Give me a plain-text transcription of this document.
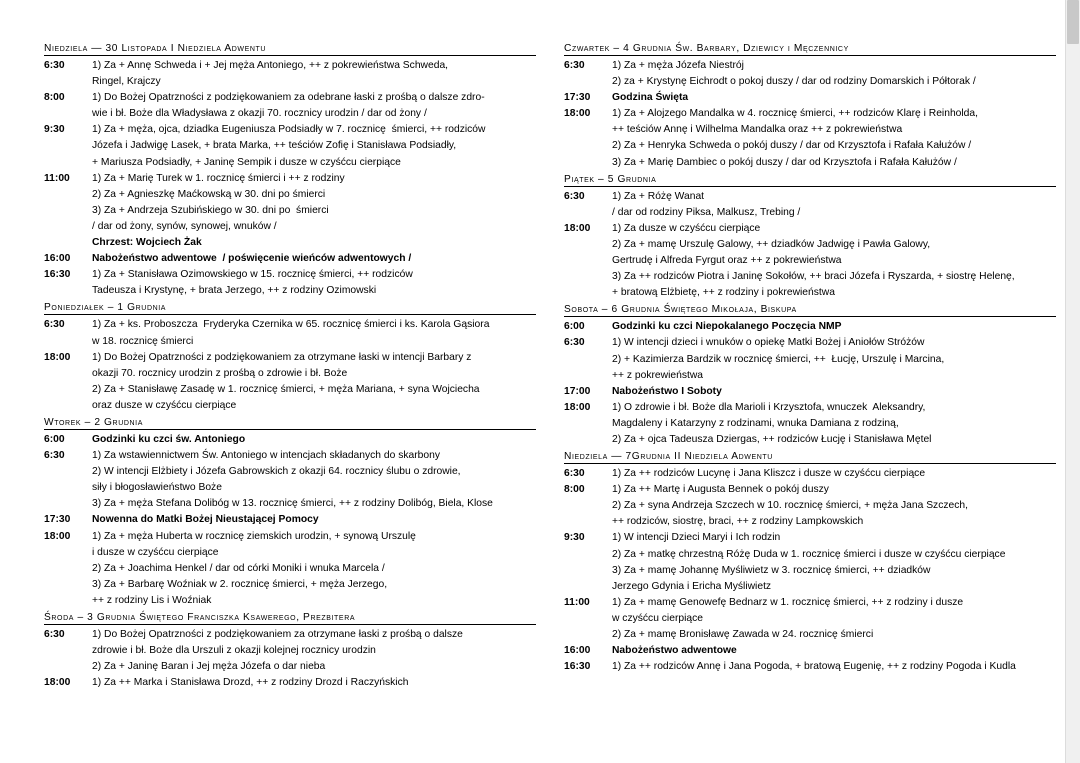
Niedziela — 30 Listopada I Niedziela Adwentu
6:30	1) Za + Annę Schweda i + Jej męża Antoniego, ++ z pokrewieństwa Schweda,
Ringel, Krajczy
8:00	1) Do Bożej Opatrzności z podziękowaniem za odebrane łaski z prośbą o dalsze zdro-
wie i bł. Boże dla Władysława z okazji 70. rocznicy urodzin / dar od żony /
9:30	1) Za + męża, ojca, dziadka Eugeniusza Podsiadły w 7. rocznicę  śmierci, ++ rodziców
Józefa i Jadwigę Lasek, + brata Marka, ++ teściów Zofię i Stanisława Podsiadły,
+ Mariusza Podsiadły, + Janinę Sempik i dusze w czyśćcu cierpiące
11:00	1) Za + Marię Turek w 1. rocznicę śmierci i ++ z rodziny
2) Za + Agnieszkę Maćkowską w 30. dni po śmierci
3) Za + Andrzeja Szubińskiego w 30. dni po  śmierci
/ dar od żony, synów, synowej, wnuków /
Chrzest: Wojciech Żak
16:00	Nabożeństwo adwentowe  / poświęcenie wieńców adwentowych /
16:30	1) Za + Stanisława Ozimowskiego w 15. rocznicę śmierci, ++ rodziców
Tadeusza i Krystynę, + brata Jerzego, ++ z rodziny Ozimowski
Poniedziałek – 1 Grudnia
6:30	1) Za + ks. Proboszcza  Fryderyka Czernika w 65. rocznicę śmierci i ks. Karola Gąsiora
w 18. rocznicę śmierci
18:00	1) Do Bożej Opatrzności z podziękowaniem za otrzymane łaski w intencji Barbary z
okazji 70. rocznicy urodzin z prośbą o zdrowie i bł. Boże
2) Za + Stanisławę Zasadę w 1. rocznicę śmierci, + męża Mariana, + syna Wojciecha
oraz dusze w czyśćcu cierpiące
Wtorek – 2 Grudnia
6:00	Godzinki ku czci św. Antoniego
6:30	1) Za wstawiennictwem Św. Antoniego w intencjach składanych do skarbony
2) W intencji Elżbiety i Józefa Gabrowskich z okazji 64. rocznicy ślubu o zdrowie,
siły i błogosławieństwo Boże
3) Za + męża Stefana Dolibóg w 13. rocznicę śmierci, ++ z rodziny Dolibóg, Biela, Klose
17:30	Nowenna do Matki Bożej Nieustającej Pomocy
18:00	1) Za + męża Huberta w rocznicę ziemskich urodzin, + synową Urszulę
i dusze w czyśćcu cierpiące
2) Za + Joachima Henkel / dar od córki Moniki i wnuka Marcela /
3) Za + Barbarę Woźniak w 2. rocznicę śmierci, + męża Jerzego,
++ z rodziny Lis i Woźniak
Środa – 3 Grudnia Świętego Franciszka Ksawerego, Prezbitera
6:30	1) Do Bożej Opatrzności z podziękowaniem za otrzymane łaski z prośbą o dalsze
zdrowie i bł. Boże dla Urszuli z okazji kolejnej rocznicy urodzin
2) Za + Janinę Baran i Jej męża Józefa o dar nieba
18:00	1) Za ++ Marka i Stanisława Drozd, ++ z rodziny Drozd i Raczyńskich
Czwartek – 4 Grudnia Św. Barbary, Dziewicy i Męczennicy
6:30	1) Za + męża Józefa Niestrój
2) za + Krystynę Eichrodt o pokoj duszy / dar od rodziny Domarskich i Półtorak /
17:30	Godzina Święta
18:00	1) Za + Alojzego Mandalka w 4. rocznicę śmierci, ++ rodziców Klarę i Reinholda,
++ teściów Annę i Wilhelma Mandalka oraz ++ z pokrewieństwa
2) Za + Henryka Schweda o pokój duszy / dar od Krzysztofa i Rafała Kałużów /
3) Za + Marię Dambiec o pokój duszy / dar od Krzysztofa i Rafała Kałużów /
Piątek – 5 Grudnia
6:30	1) Za + Różę Wanat
/ dar od rodziny Piksa, Malkusz, Trebing /
18:00	1) Za dusze w czyśćcu cierpiące
2) Za + mamę Urszulę Galowy, ++ dziadków Jadwigę i Pawła Galowy,
Gertrudę i Alfreda Fyrgut oraz ++ z pokrewieństwa
3) Za ++ rodziców Piotra i Janinę Sokołów, ++ braci Józefa i Ryszarda, + siostrę Helenę,
+ bratową Elżbietę, ++ z rodziny i pokrewieństwa
Sobota – 6 Grudnia Świętego Mikołaja, Biskupa
6:00	Godzinki ku czci Niepokalanego Poczęcia NMP
6:30	1) W intencji dzieci i wnuków o opiekę Matki Bożej i Aniołów Stróżów
2) + Kazimierza Bardzik w rocznicę śmierci, ++  Łucję, Urszulę i Marcina,
++ z pokrewieństwa
17:00	Nabożeństwo I Soboty
18:00	1) O zdrowie i bł. Boże dla Marioli i Krzysztofa, wnuczek  Aleksandry,
Magdaleny i Katarzyny z rodzinami, wnuka Damiana z rodziną,
2) Za + ojca Tadeusza Dziergas, ++ rodziców Łucję i Stanisława Mętel
Niedziela — 7Grudnia II Niedziela Adwentu
6:30	1) Za ++ rodziców Lucynę i Jana Kliszcz i dusze w czyśćcu cierpiące
8:00	1) Za ++ Martę i Augusta Bennek o pokój duszy
2) Za + syna Andrzeja Szczech w 10. rocznicę śmierci, + męża Jana Szczech,
++ rodziców, siostrę, braci, ++ z rodziny Lampkowskich
9:30	1) W intencji Dzieci Maryi i Ich rodzin
2) Za + matkę chrzestną Różę Duda w 1. rocznicę śmierci i dusze w czyśćcu cierpiące
3) Za + mamę Johannę Myśliwietz w 3. rocznicę śmierci, ++ dziadków
Jerzego Gdynia i Ericha Myśliwietz
11:00	1) Za + mamę Genowefę Bednarz w 1. rocznicę śmierci, ++ z rodziny i dusze
w czyśćcu cierpiące
2) Za + mamę Bronisławę Zawada w 24. rocznicę śmierci
16:00	Nabożeństwo adwentowe
16:30	1) Za ++ rodziców Annę i Jana Pogoda, + bratową Eugenię, ++ z rodziny Pogoda i Kudla
